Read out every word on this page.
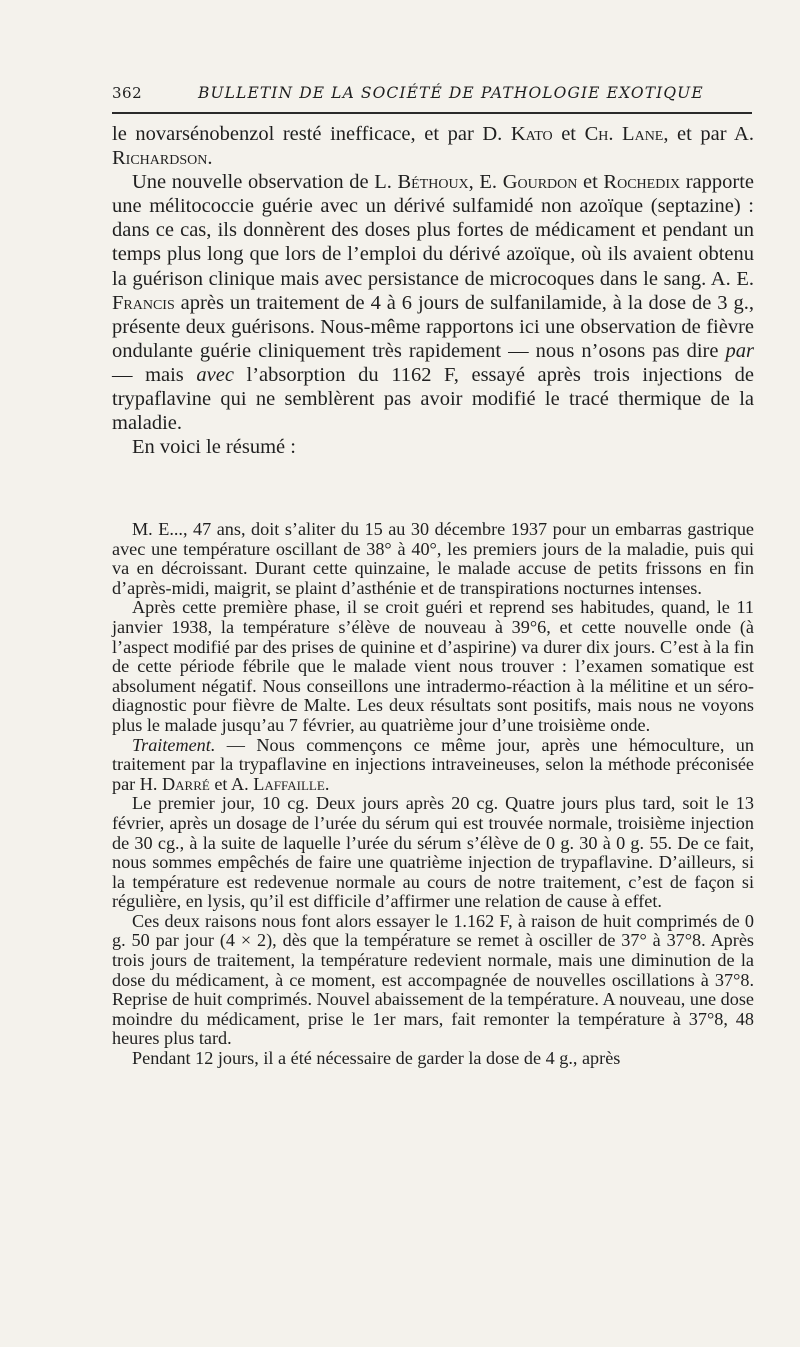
362	BULLETIN DE LA SOCIÉTÉ DE PATHOLOGIE EXOTIQUE

le novarsénobenzol resté inefficace, et par D. Kato et Ch. Lane, et par A. Richardson.

Une nouvelle observation de L. Béthoux, E. Gourdon et Rochedix rapporte une mélitococcie guérie avec un dérivé sulfamidé non azoïque (septazine) : dans ce cas, ils donnèrent des doses plus fortes de médicament et pendant un temps plus long que lors de l’emploi du dérivé azoïque, où ils avaient obtenu la guérison clinique mais avec persistance de microcoques dans le sang. A. E. Francis après un traitement de 4 à 6 jours de sulfanilamide, à la dose de 3 g., présente deux guérisons. Nous-même rapportons ici une observation de fièvre ondulante guérie cliniquement très rapidement — nous n’osons pas dire par — mais avec l’absorption du 1162 F, essayé après trois injections de trypaflavine qui ne semblèrent pas avoir modifié le tracé thermique de la maladie.

En voici le résumé :

M. E..., 47 ans, doit s’aliter du 15 au 30 décembre 1937 pour un embarras gastrique avec une température oscillant de 38° à 40°, les premiers jours de la maladie, puis qui va en décroissant. Durant cette quinzaine, le malade accuse de petits frissons en fin d’après-midi, maigrit, se plaint d’asthénie et de transpirations nocturnes intenses.

Après cette première phase, il se croit guéri et reprend ses habitudes, quand, le 11 janvier 1938, la température s’élève de nouveau à 39°6, et cette nouvelle onde (à l’aspect modifié par des prises de quinine et d’aspirine) va durer dix jours. C’est à la fin de cette période fébrile que le malade vient nous trouver : l’examen somatique est absolument négatif. Nous conseillons une intradermo-réaction à la mélitine et un séro-diagnostic pour fièvre de Malte. Les deux résultats sont positifs, mais nous ne voyons plus le malade jusqu’au 7 février, au quatrième jour d’une troisième onde.

Traitement. — Nous commençons ce même jour, après une hémoculture, un traitement par la trypaflavine en injections intraveineuses, selon la méthode préconisée par H. Darré et A. Laffaille.

Le premier jour, 10 cg. Deux jours après 20 cg. Quatre jours plus tard, soit le 13 février, après un dosage de l’urée du sérum qui est trouvée normale, troisième injection de 30 cg., à la suite de laquelle l’urée du sérum s’élève de 0 g. 30 à 0 g. 55. De ce fait, nous sommes empêchés de faire une quatrième injection de trypaflavine. D’ailleurs, si la température est redevenue normale au cours de notre traitement, c’est de façon si régulière, en lysis, qu’il est difficile d’affirmer une relation de cause à effet.

Ces deux raisons nous font alors essayer le 1.162 F, à raison de huit comprimés de 0 g. 50 par jour (4 × 2), dès que la température se remet à osciller de 37° à 37°8. Après trois jours de traitement, la température redevient normale, mais une diminution de la dose du médicament, à ce moment, est accompagnée de nouvelles oscillations à 37°8. Reprise de huit comprimés. Nouvel abaissement de la température. A nouveau, une dose moindre du médicament, prise le 1er mars, fait remonter la température à 37°8, 48 heures plus tard.

Pendant 12 jours, il a été nécessaire de garder la dose de 4 g., après
